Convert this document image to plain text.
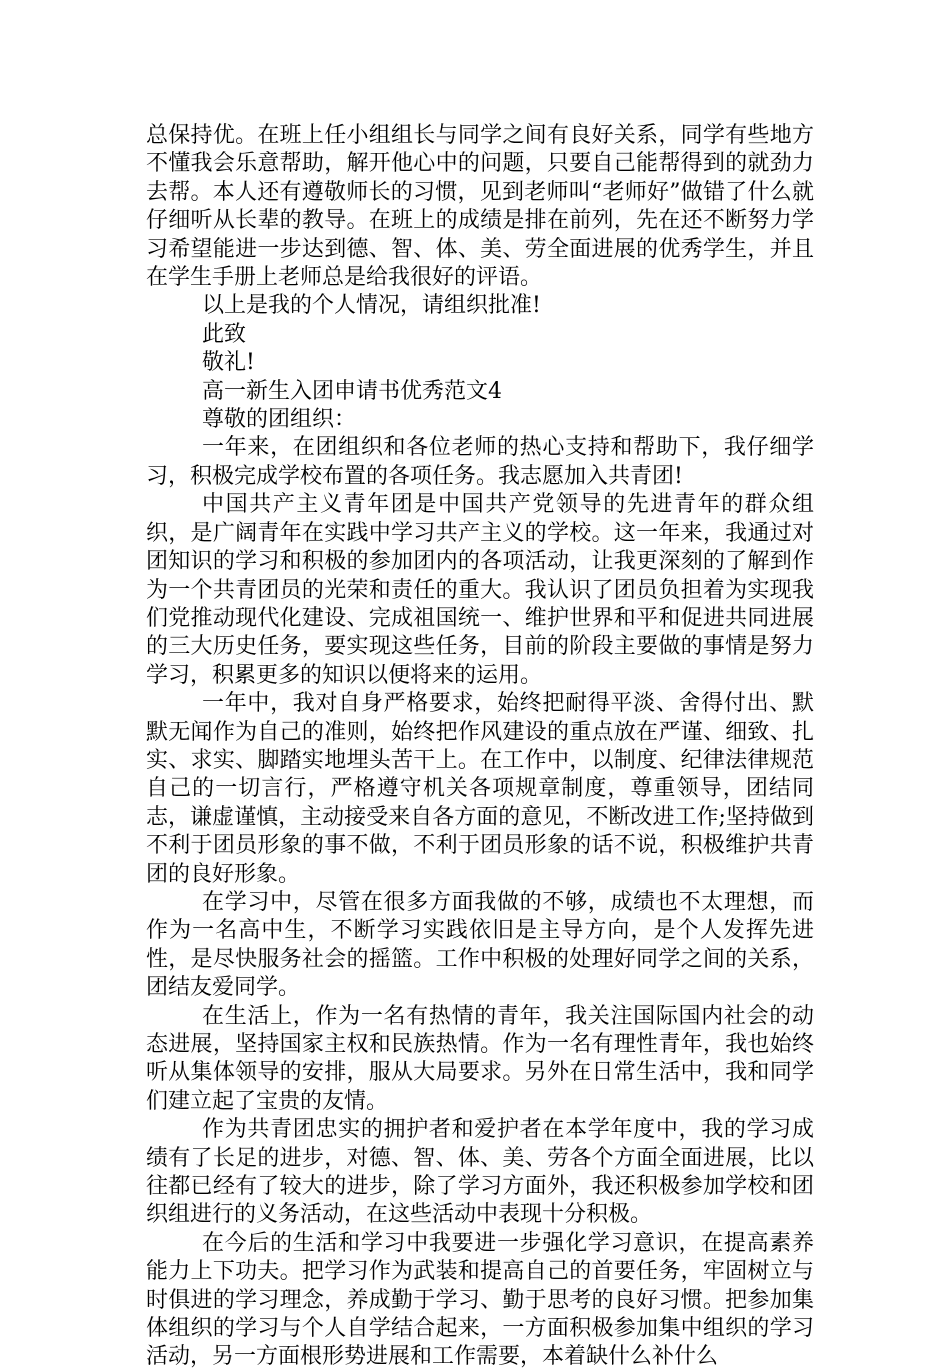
总保持优。在班上任小组组长与同学之间有良好关系，同学有些地方不懂我会乐意帮助，解开他心中的问题，只要自己能帮得到的就劲力去帮。本人还有遵敬师长的习惯，见到老师叫“老师好”做错了什么就仔细听从长辈的教导。在班上的成绩是排在前列，先在还不断努力学习希望能进一步达到德、智、体、美、劳全面进展的优秀学生，并且在学生手册上老师总是给我很好的评语。

以上是我的个人情况，请组织批准!

此致

敬礼!

高一新生入团申请书优秀范文4

尊敬的团组织：

一年来，在团组织和各位老师的热心支持和帮助下，我仔细学习，积极完成学校布置的各项任务。我志愿加入共青团!

中国共产主义青年团是中国共产党领导的先进青年的群众组织，是广阔青年在实践中学习共产主义的学校。这一年来，我通过对团知识的学习和积极的参加团内的各项活动，让我更深刻的了解到作为一个共青团员的光荣和责任的重大。我认识了团员负担着为实现我们党推动现代化建设、完成祖国统一、维护世界和平和促进共同进展的三大历史任务，要实现这些任务，目前的阶段主要做的事情是努力学习，积累更多的知识以便将来的运用。

一年中，我对自身严格要求，始终把耐得平淡、舍得付出、默默无闻作为自己的准则，始终把作风建设的重点放在严谨、细致、扎实、求实、脚踏实地埋头苦干上。在工作中，以制度、纪律法律规范自己的一切言行，严格遵守机关各项规章制度，尊重领导，团结同志，谦虚谨慎，主动接受来自各方面的意见，不断改进工作;坚持做到不利于团员形象的事不做，不利于团员形象的话不说，积极维护共青团的良好形象。

在学习中，尽管在很多方面我做的不够，成绩也不太理想，而作为一名高中生，不断学习实践依旧是主导方向，是个人发挥先进性，是尽快服务社会的摇篮。工作中积极的处理好同学之间的关系，团结友爱同学。

在生活上，作为一名有热情的青年，我关注国际国内社会的动态进展，坚持国家主权和民族热情。作为一名有理性青年，我也始终听从集体领导的安排，服从大局要求。另外在日常生活中，我和同学们建立起了宝贵的友情。

作为共青团忠实的拥护者和爱护者在本学年度中，我的学习成绩有了长足的进步，对德、智、体、美、劳各个方面全面进展，比以往都已经有了较大的进步，除了学习方面外，我还积极参加学校和团织组进行的义务活动，在这些活动中表现十分积极。

在今后的生活和学习中我要进一步强化学习意识，在提高素养能力上下功夫。把学习作为武装和提高自己的首要任务，牢固树立与时俱进的学习理念，养成勤于学习、勤于思考的良好习惯。把参加集体组织的学习与个人自学结合起来，一方面积极参加集中组织的学习活动，另一方面根形势进展和工作需要，本着缺什么补什么
